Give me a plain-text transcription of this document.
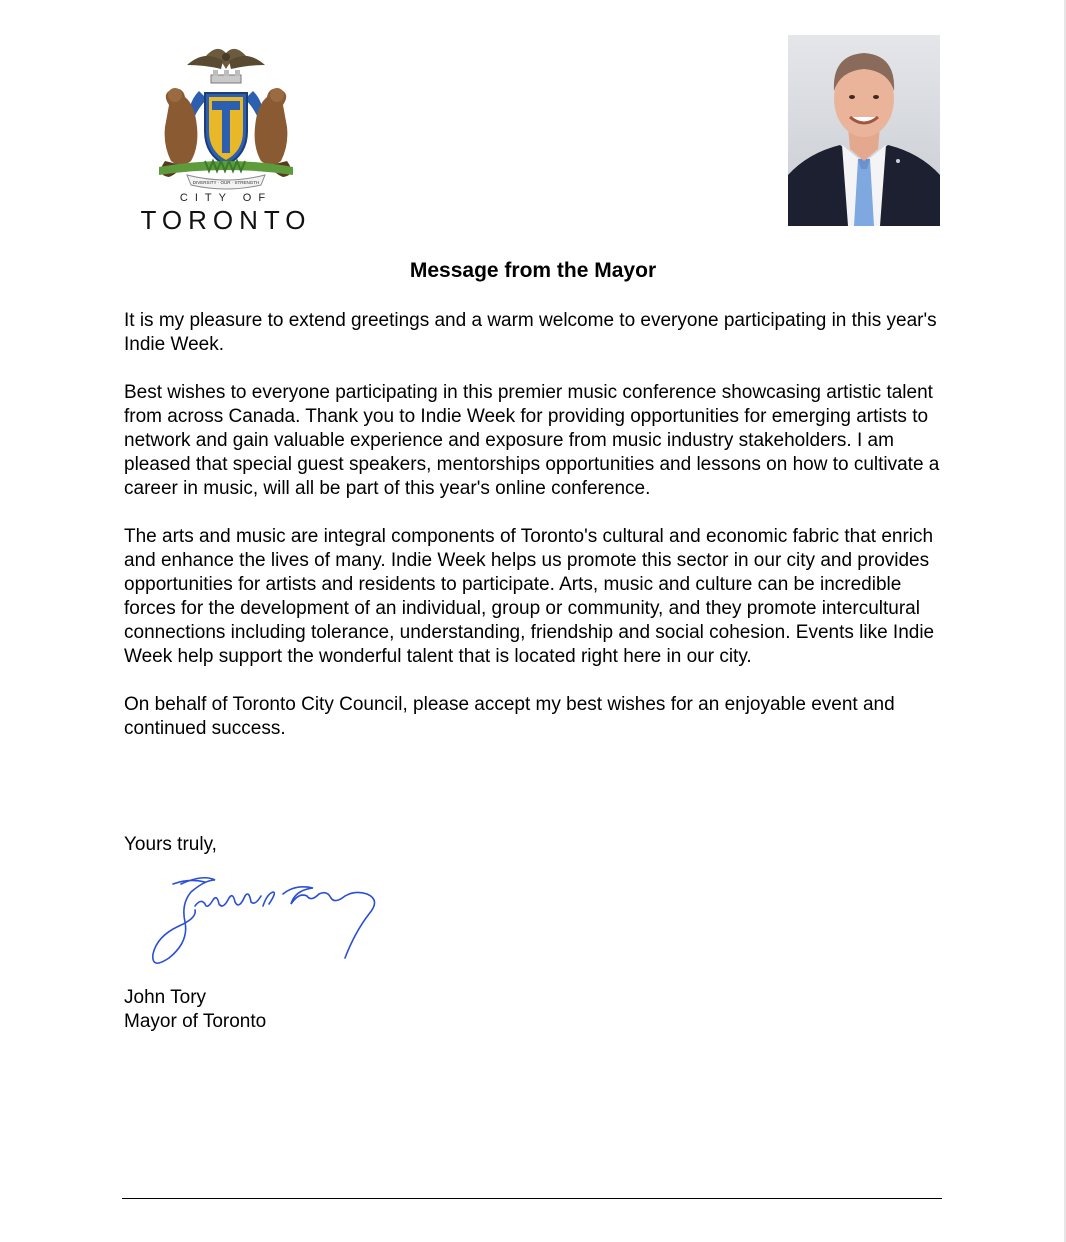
DIVERSITY · OUR · STRENGTH
CITY OF
TORONTO
Message from the Mayor

It is my pleasure to extend greetings and a warm welcome to everyone participating in this year's Indie Week.

Best wishes to everyone participating in this premier music conference showcasing artistic talent from across Canada. Thank you to Indie Week for providing opportunities for emerging artists to network and gain valuable experience and exposure from music industry stakeholders. I am pleased that special guest speakers, mentorships opportunities and lessons on how to cultivate a career in music, will all be part of this year's online conference.

The arts and music are integral components of Toronto's cultural and economic fabric that enrich and enhance the lives of many. Indie Week helps us promote this sector in our city and provides opportunities for artists and residents to participate. Arts, music and culture can be incredible forces for the development of an individual, group or community, and they promote intercultural connections including tolerance, understanding, friendship and social cohesion. Events like Indie Week help support the wonderful talent that is located right here in our city.

On behalf of Toronto City Council, please accept my best wishes for an enjoyable event and continued success.

Yours truly,
John Tory
Mayor of Toronto
